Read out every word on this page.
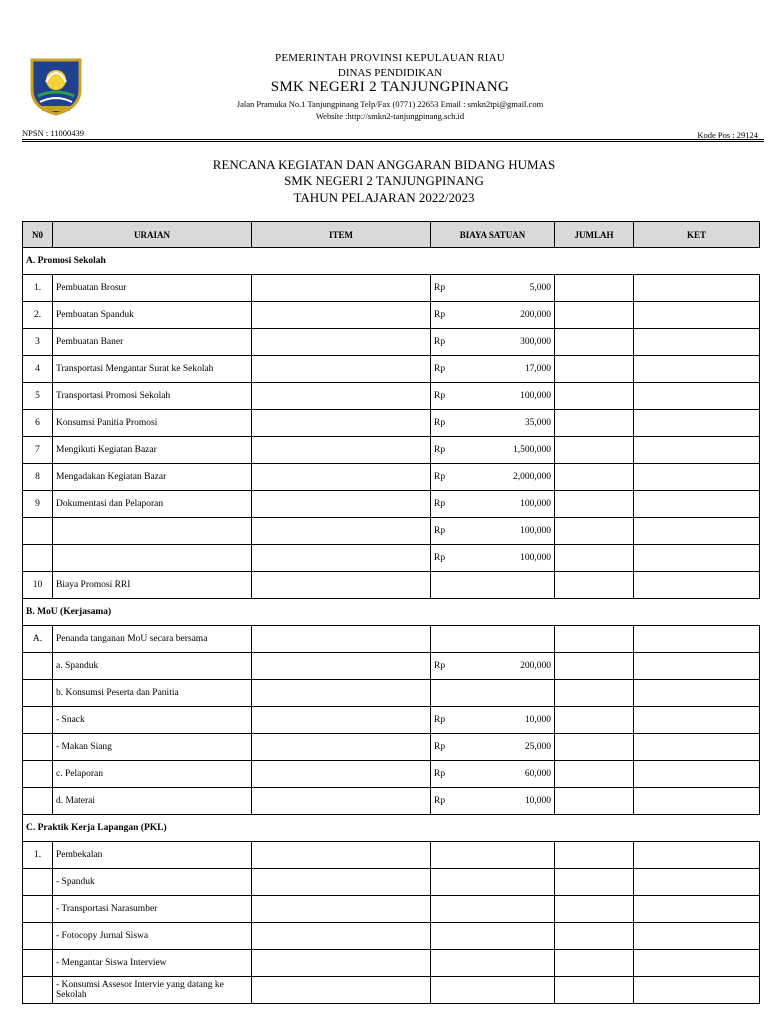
PEMERINTAH PROVINSI KEPULAUAN RIAU
DINAS PENDIDIKAN
SMK NEGERI 2 TANJUNGPINANG
Jalan Pramuka No.1 Tanjungpinang Telp/Fax (0771) 22653 Email : smkn2tpi@gmail.com
Website :http://smkn2-tanjungpinang.sch.id
NPSN : 11000439	Kode Pos : 29124
RENCANA KEGIATAN DAN ANGGARAN BIDANG HUMAS
SMK NEGERI 2 TANJUNGPINANG
TAHUN PELAJARAN 2022/2023
N0	URAIAN	ITEM	BIAYA SATUAN	JUMLAH	KET
A. Promosi Sekolah					
1.	Pembuatan Brosur		Rp 5,000		

2.	Pembuatan Spanduk		Rp 200,000		

3	Pembuatan Baner		Rp 300,000		

4	Transportasi Mengantar Surat ke Sekolah		Rp 17,000		

5	Transportasi Promosi Sekolah		Rp 100,000		

6	Konsumsi Panitia Promosi		Rp 35,000		

7	Mengikuti Kegiatan Bazar		Rp 1,500,000		

8	Mengadakan Kegiatan Bazar		Rp 2,000,000		

9	Dokumentasi dan Pelaporan		Rp 100,000		

			Rp 100,000		

			Rp 100,000		

10	Biaya Promosi RRI		

B. MoU (Kerjasama)					
A.	Penanda tanganan MoU secara bersama		

	a. Spanduk		Rp 200,000		

	b. Konsumsi Peserta dan Panitia		

	- Snack		Rp 10,000		

	- Makan Siang		Rp 25,000		

	c. Pelaporan		Rp 60,000		

	d. Materai		Rp 10,000		

C. Praktik Kerja Lapangan (PKL)					
1.	Pembekalan		

	- Spanduk		

	- Transportasi Narasumber		

	- Fotocopy Jurnal Siswa		

	- Mengantar Siswa Interview		

	- Konsumsi Assesor Intervie yang datang ke Sekolah		
